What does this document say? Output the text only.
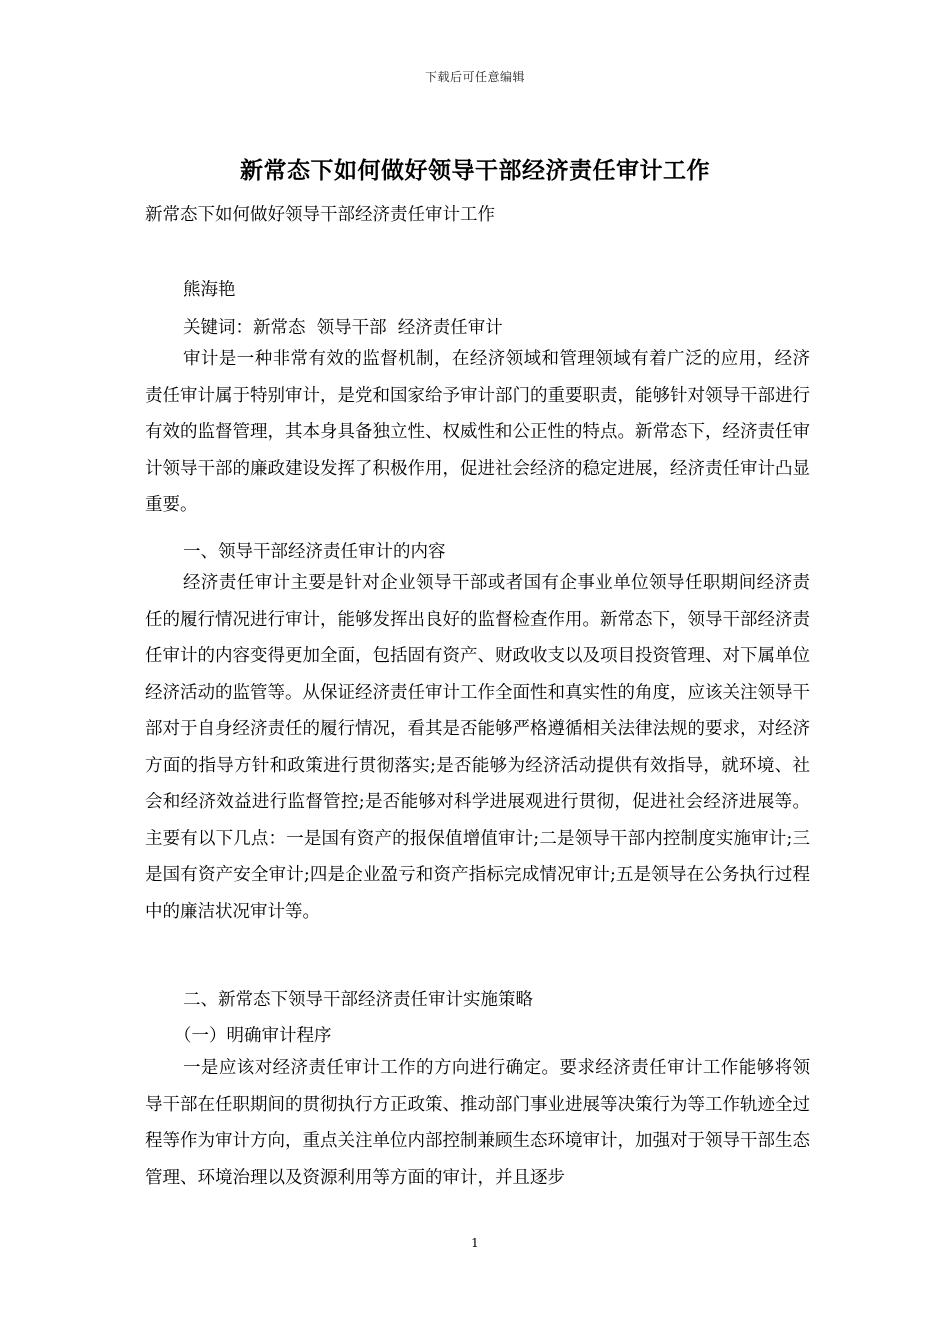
下载后可任意编辑
新常态下如何做好领导干部经济责任审计工作
新常态下如何做好领导干部经济责任审计工作
熊海艳
关键词：新常态  领导干部  经济责任审计

审计是一种非常有效的监督机制，在经济领域和管理领域有着广泛的应用，经济责任审计属于特别审计，是党和国家给予审计部门的重要职责，能够针对领导干部进行有效的监督管理，其本身具备独立性、权威性和公正性的特点。新常态下，经济责任审计领导干部的廉政建设发挥了积极作用，促进社会经济的稳定进展，经济责任审计凸显重要。

一、领导干部经济责任审计的内容

经济责任审计主要是针对企业领导干部或者国有企事业单位领导任职期间经济责任的履行情况进行审计，能够发挥出良好的监督检查作用。新常态下，领导干部经济责任审计的内容变得更加全面，包括固有资产、财政收支以及项目投资管理、对下属单位经济活动的监管等。从保证经济责任审计工作全面性和真实性的角度，应该关注领导干部对于自身经济责任的履行情况，看其是否能够严格遵循相关法律法规的要求，对经济方面的指导方针和政策进行贯彻落实;是否能够为经济活动提供有效指导，就环境、社会和经济效益进行监督管控;是否能够对科学进展观进行贯彻，促进社会经济进展等。主要有以下几点：一是国有资产的报保值增值审计;二是领导干部内控制度实施审计;三是国有资产安全审计;四是企业盈亏和资产指标完成情况审计;五是领导在公务执行过程中的廉洁状况审计等。

二、新常态下领导干部经济责任审计实施策略
（一）明确审计程序

一是应该对经济责任审计工作的方向进行确定。要求经济责任审计工作能够将领导干部在任职期间的贯彻执行方正政策、推动部门事业进展等决策行为等工作轨迹全过程等作为审计方向，重点关注单位内部控制兼顾生态环境审计，加强对于领导干部生态管理、环境治理以及资源利用等方面的审计，并且逐步

1
